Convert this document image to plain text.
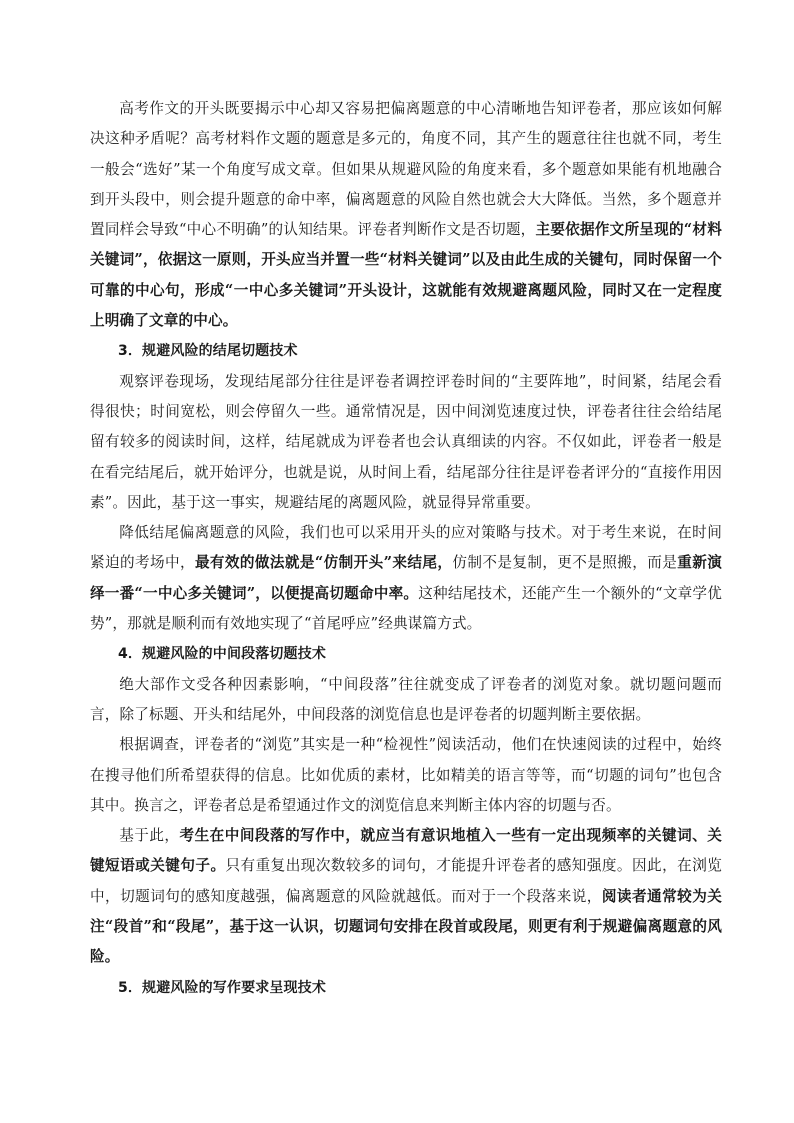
高考作文的开头既要揭示中心却又容易把偏离题意的中心清晰地告知评卷者，那应该如何解决这种矛盾呢？高考材料作文题的题意是多元的，角度不同，其产生的题意往往也就不同，考生一般会“选好”某一个角度写成文章。但如果从规避风险的角度来看，多个题意如果能有机地融合到开头段中，则会提升题意的命中率，偏离题意的风险自然也就会大大降低。当然，多个题意并置同样会导致“中心不明确”的认知结果。评卷者判断作文是否切题，主要依据作文所呈现的“材料关键词”，依据这一原则，开头应当并置一些“材料关键词”以及由此生成的关键句，同时保留一个可靠的中心句，形成“一中心多关键词”开头设计，这就能有效规避离题风险，同时又在一定程度上明确了文章的中心。

3．规避风险的结尾切题技术

观察评卷现场，发现结尾部分往往是评卷者调控评卷时间的“主要阵地”，时间紧，结尾会看得很快；时间宽松，则会停留久一些。通常情况是，因中间浏览速度过快，评卷者往往会给结尾留有较多的阅读时间，这样，结尾就成为评卷者也会认真细读的内容。不仅如此，评卷者一般是在看完结尾后，就开始评分，也就是说，从时间上看，结尾部分往往是评卷者评分的“直接作用因素”。因此，基于这一事实，规避结尾的离题风险，就显得异常重要。

降低结尾偏离题意的风险，我们也可以采用开头的应对策略与技术。对于考生来说，在时间紧迫的考场中，最有效的做法就是“仿制开头”来结尾，仿制不是复制，更不是照搬，而是重新演绎一番“一中心多关键词”，以便提高切题命中率。这种结尾技术，还能产生一个额外的“文章学优势”，那就是顺利而有效地实现了“首尾呼应”经典谋篇方式。

4．规避风险的中间段落切题技术

绝大部作文受各种因素影响，“中间段落”往往就变成了评卷者的浏览对象。就切题问题而言，除了标题、开头和结尾外，中间段落的浏览信息也是评卷者的切题判断主要依据。

根据调查，评卷者的“浏览”其实是一种“检视性”阅读活动，他们在快速阅读的过程中，始终在搜寻他们所希望获得的信息。比如优质的素材，比如精美的语言等等，而“切题的词句”也包含其中。换言之，评卷者总是希望通过作文的浏览信息来判断主体内容的切题与否。

基于此，考生在中间段落的写作中，就应当有意识地植入一些有一定出现频率的关键词、关键短语或关键句子。只有重复出现次数较多的词句，才能提升评卷者的感知强度。因此，在浏览中，切题词句的感知度越强，偏离题意的风险就越低。而对于一个段落来说，阅读者通常较为关注“段首”和“段尾”，基于这一认识，切题词句安排在段首或段尾，则更有利于规避偏离题意的风险。

5．规避风险的写作要求呈现技术
